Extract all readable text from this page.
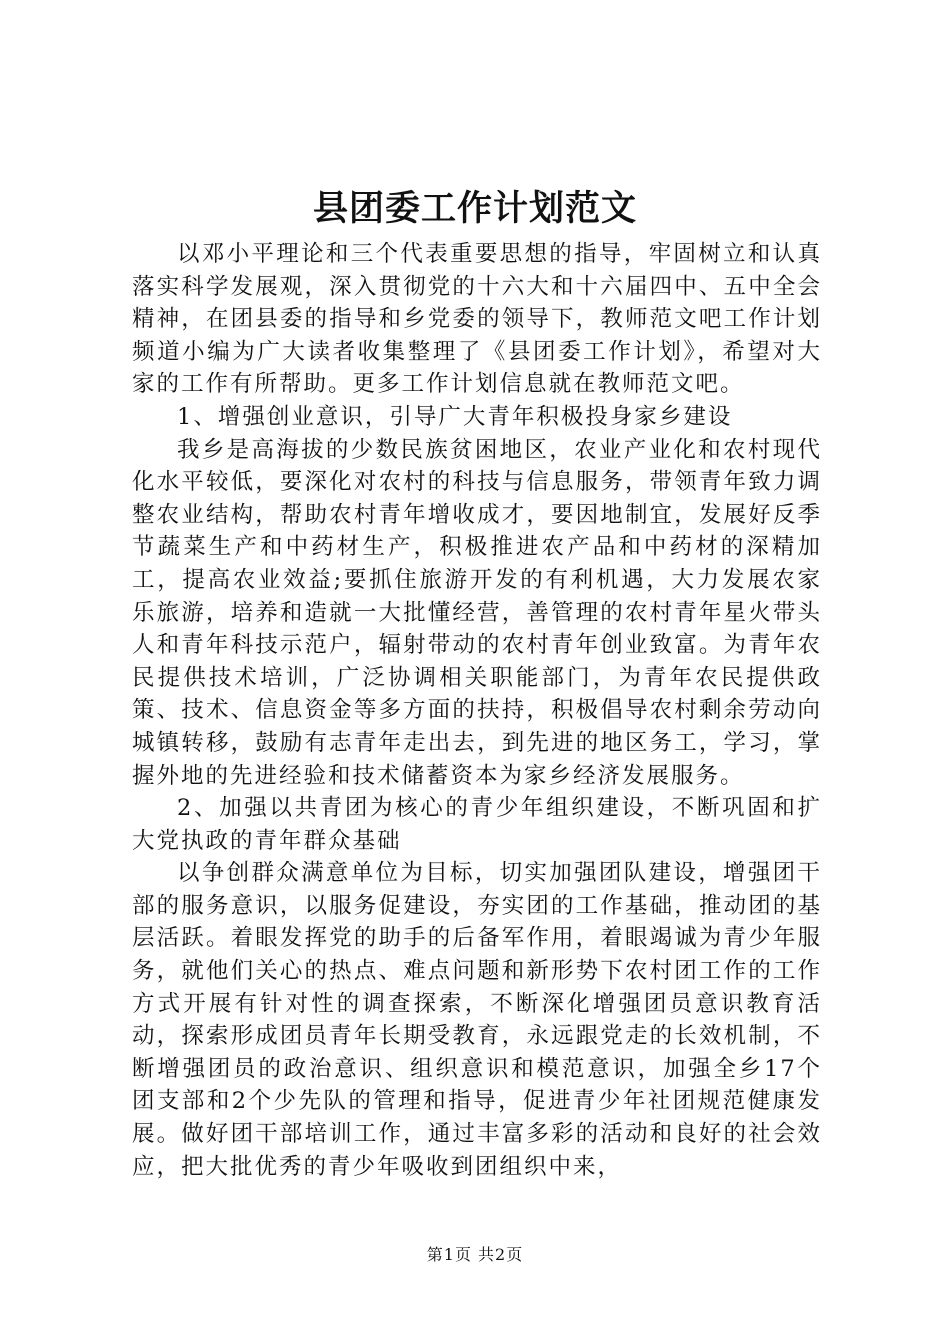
县团委工作计划范文

以邓小平理论和三个代表重要思想的指导，牢固树立和认真落实科学发展观，深入贯彻党的十六大和十六届四中、五中全会精神，在团县委的指导和乡党委的领导下，教师范文吧工作计划频道小编为广大读者收集整理了《县团委工作计划》，希望对大家的工作有所帮助。更多工作计划信息就在教师范文吧。

1、增强创业意识，引导广大青年积极投身家乡建设

我乡是高海拔的少数民族贫困地区，农业产业化和农村现代化水平较低，要深化对农村的科技与信息服务，带领青年致力调整农业结构，帮助农村青年增收成才，要因地制宜，发展好反季节蔬菜生产和中药材生产，积极推进农产品和中药材的深精加工，提高农业效益;要抓住旅游开发的有利机遇，大力发展农家乐旅游，培养和造就一大批懂经营，善管理的农村青年星火带头人和青年科技示范户，辐射带动的农村青年创业致富。为青年农民提供技术培训，广泛协调相关职能部门，为青年农民提供政策、技术、信息资金等多方面的扶持，积极倡导农村剩余劳动向城镇转移，鼓励有志青年走出去，到先进的地区务工，学习，掌握外地的先进经验和技术储蓄资本为家乡经济发展服务。

2、加强以共青团为核心的青少年组织建设，不断巩固和扩大党执政的青年群众基础

以争创群众满意单位为目标，切实加强团队建设，增强团干部的服务意识，以服务促建设，夯实团的工作基础，推动团的基层活跃。着眼发挥党的助手的后备军作用，着眼竭诚为青少年服务，就他们关心的热点、难点问题和新形势下农村团工作的工作方式开展有针对性的调查探索，不断深化增强团员意识教育活动，探索形成团员青年长期受教育，永远跟党走的长效机制，不断增强团员的政治意识、组织意识和模范意识，加强全乡17个团支部和2个少先队的管理和指导，促进青少年社团规范健康发展。做好团干部培训工作，通过丰富多彩的活动和良好的社会效应，把大批优秀的青少年吸收到团组织中来，

第1页 共2页
